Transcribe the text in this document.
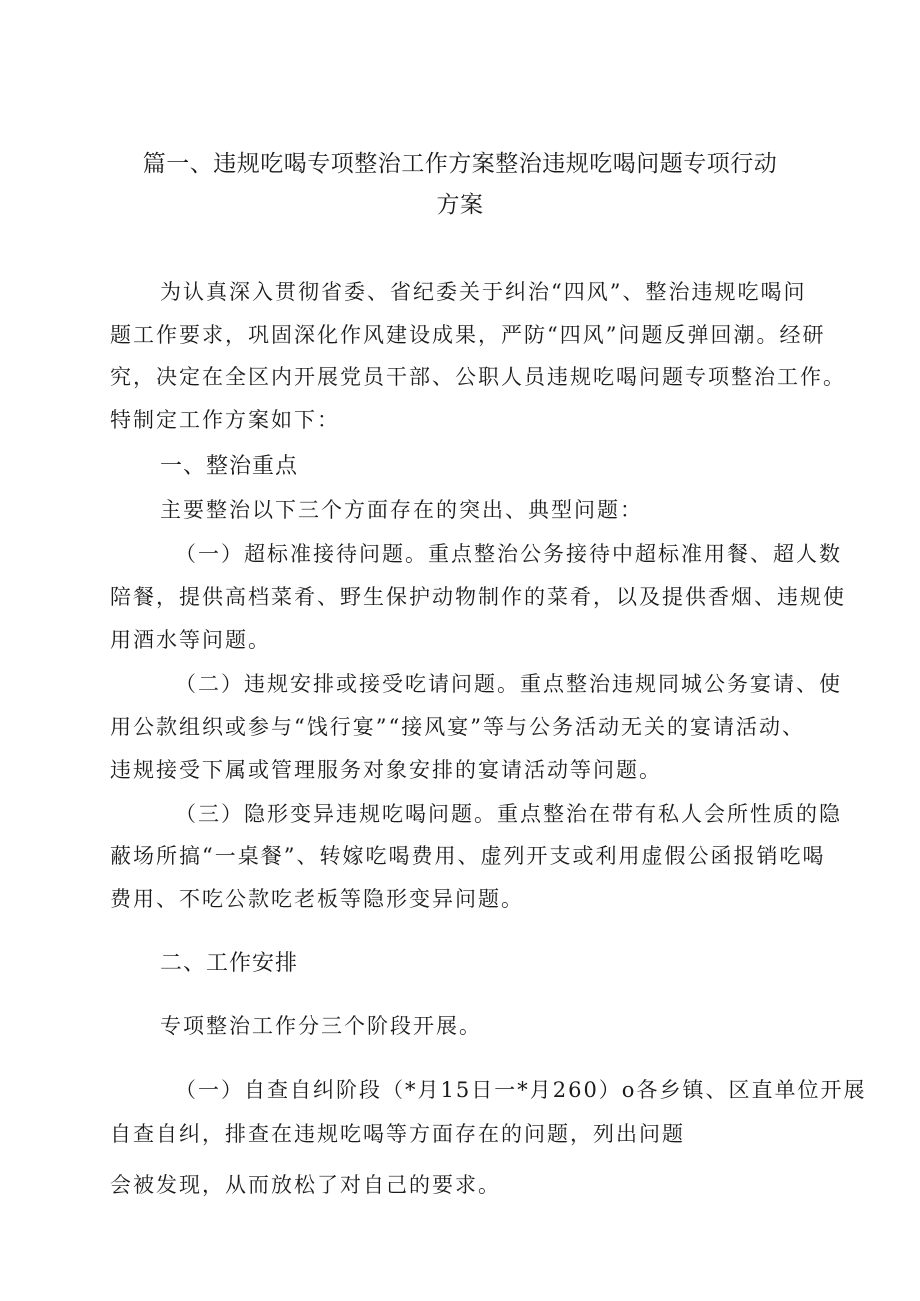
篇一、违规吃喝专项整治工作方案整治违规吃喝问题专项行动
方案
为认真深入贯彻省委、省纪委关于纠治“四风”、整治违规吃喝问
题工作要求，巩固深化作风建设成果，严防“四风”问题反弹回潮。经研
究，决定在全区内开展党员干部、公职人员违规吃喝问题专项整治工作。
特制定工作方案如下：
一、整治重点
主要整治以下三个方面存在的突出、典型问题：
（一）超标准接待问题。重点整治公务接待中超标准用餐、超人数
陪餐，提供高档菜肴、野生保护动物制作的菜肴，以及提供香烟、违规使
用酒水等问题。
（二）违规安排或接受吃请问题。重点整治违规同城公务宴请、使
用公款组织或参与“饯行宴”“接风宴”等与公务活动无关的宴请活动、
违规接受下属或管理服务对象安排的宴请活动等问题。
（三）隐形变异违规吃喝问题。重点整治在带有私人会所性质的隐
蔽场所搞“一桌餐”、转嫁吃喝费用、虚列开支或利用虚假公函报销吃喝
费用、不吃公款吃老板等隐形变异问题。
二、工作安排
专项整治工作分三个阶段开展。
（一）自查自纠阶段（*月15日一*月260）o各乡镇、区直单位开展
自查自纠，排查在违规吃喝等方面存在的问题，列出问题
会被发现，从而放松了对自己的要求。
